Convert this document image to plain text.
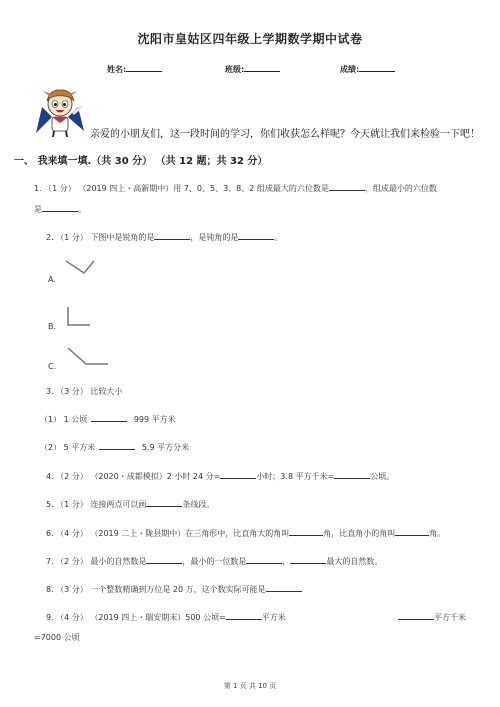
沈阳市皇姑区四年级上学期数学期中试卷
姓名:	班级:	成绩:
亲爱的小朋友们，这一段时间的学习，你们收获怎么样呢？今天就让我们来检验一下吧！
一、 我来填一填.（共 30 分） （共 12 题；共 32 分）
1. （1 分） （2019 四上・高新期中）用 7、0、5、3、8、2 组成最大的六位数是	，组成最小的六位数
是	。
2. （1 分） 下图中是锐角的是	，是钝角的是	。
A.
B.
C.
3. （3 分） 比较大小
（1） 1 公顷	999 平方米
（2） 5 平方米	5.9 平方分米
4. （2 分） （2020・成都模拟）2 小时 24 分=	小时；3.8 平方千米=	公顷。
5. （1 分） 连接两点可以画	条线段。
6. （4 分） （2019 二上・陇县期中）在三角形中，比直角大的角叫	角，比直角小的角叫	角。
7. （2 分） 最小的自然数是	，最小的一位数是	，	最大的自然数。
8. （3 分） 一个整数精确到万位是 20 万，这个数实际可能是
9. （4 分） （2019 四上・瑞安期末）500 公顷=	平方米	平方千米
=7000 公顷
第 1 页 共 10 页
